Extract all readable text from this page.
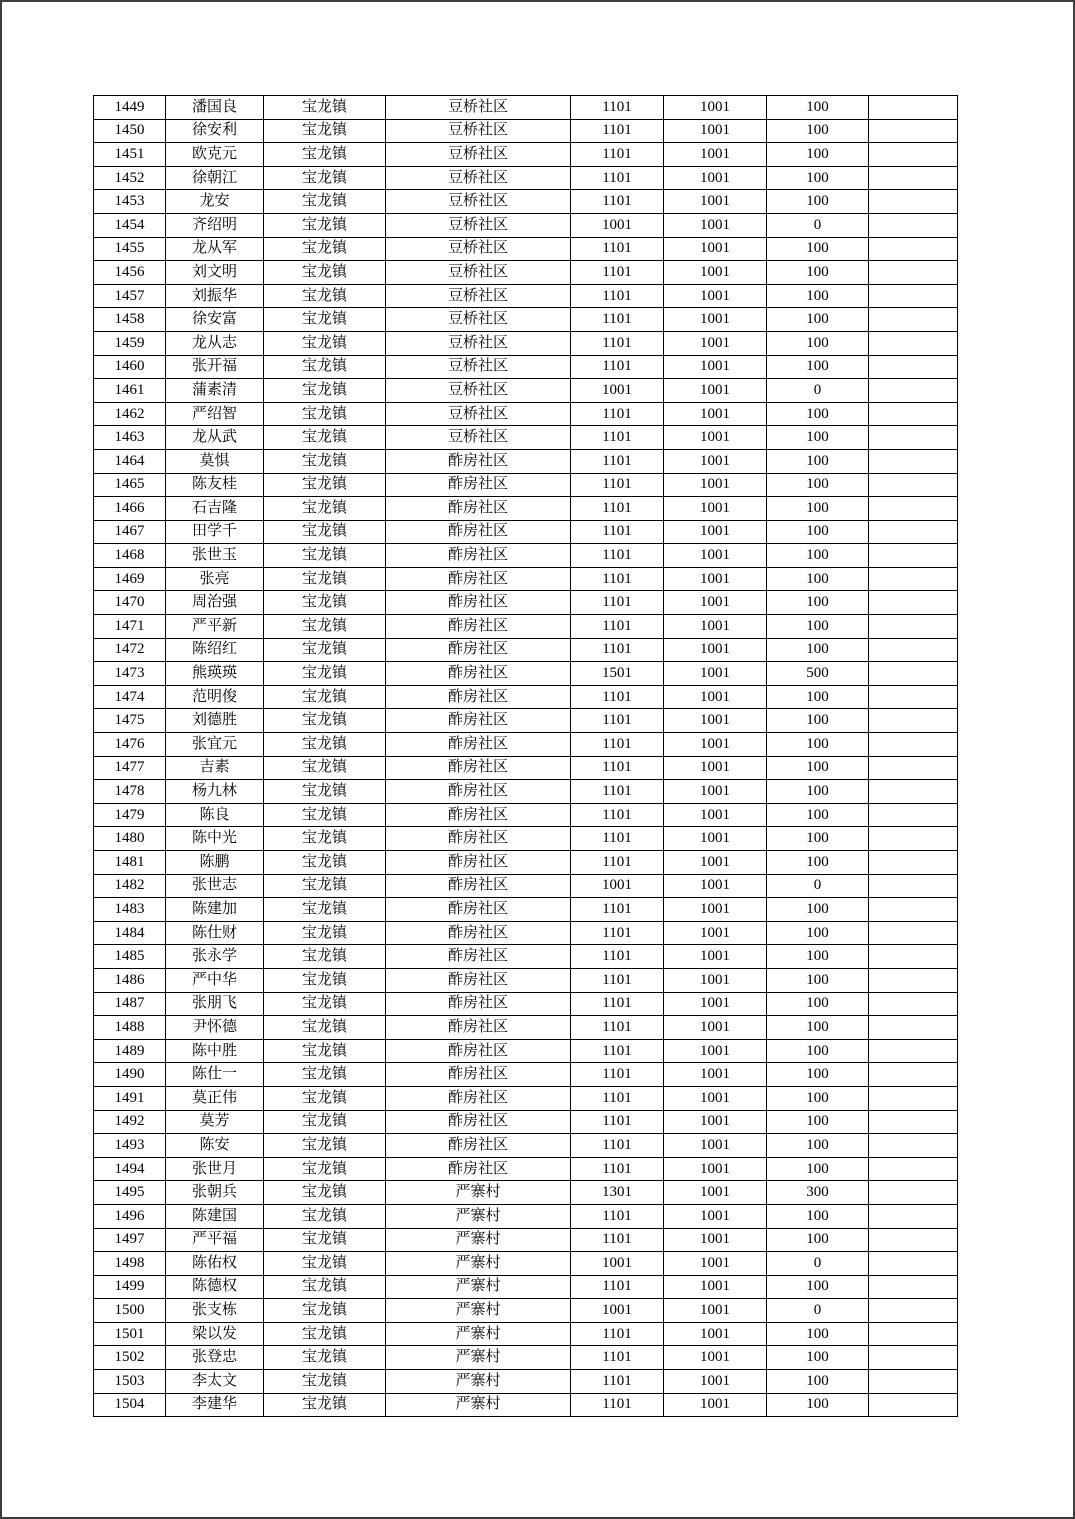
1449	潘国良	宝龙镇	豆桥社区	1101	1001	100	
1450	徐安利	宝龙镇	豆桥社区	1101	1001	100	
1451	欧克元	宝龙镇	豆桥社区	1101	1001	100	
1452	徐朝江	宝龙镇	豆桥社区	1101	1001	100	
1453	龙安	宝龙镇	豆桥社区	1101	1001	100	
1454	齐绍明	宝龙镇	豆桥社区	1001	1001	0	
1455	龙从军	宝龙镇	豆桥社区	1101	1001	100	
1456	刘文明	宝龙镇	豆桥社区	1101	1001	100	
1457	刘振华	宝龙镇	豆桥社区	1101	1001	100	
1458	徐安富	宝龙镇	豆桥社区	1101	1001	100	
1459	龙从志	宝龙镇	豆桥社区	1101	1001	100	
1460	张开福	宝龙镇	豆桥社区	1101	1001	100	
1461	蒲素清	宝龙镇	豆桥社区	1001	1001	0	
1462	严绍智	宝龙镇	豆桥社区	1101	1001	100	
1463	龙从武	宝龙镇	豆桥社区	1101	1001	100	
1464	莫惧	宝龙镇	酢房社区	1101	1001	100	
1465	陈友桂	宝龙镇	酢房社区	1101	1001	100	
1466	石吉隆	宝龙镇	酢房社区	1101	1001	100	
1467	田学千	宝龙镇	酢房社区	1101	1001	100	
1468	张世玉	宝龙镇	酢房社区	1101	1001	100	
1469	张亮	宝龙镇	酢房社区	1101	1001	100	
1470	周治强	宝龙镇	酢房社区	1101	1001	100	
1471	严平新	宝龙镇	酢房社区	1101	1001	100	
1472	陈绍红	宝龙镇	酢房社区	1101	1001	100	
1473	熊瑛瑛	宝龙镇	酢房社区	1501	1001	500	
1474	范明俊	宝龙镇	酢房社区	1101	1001	100	
1475	刘德胜	宝龙镇	酢房社区	1101	1001	100	
1476	张宜元	宝龙镇	酢房社区	1101	1001	100	
1477	吉素	宝龙镇	酢房社区	1101	1001	100	
1478	杨九林	宝龙镇	酢房社区	1101	1001	100	
1479	陈良	宝龙镇	酢房社区	1101	1001	100	
1480	陈中光	宝龙镇	酢房社区	1101	1001	100	
1481	陈鹏	宝龙镇	酢房社区	1101	1001	100	
1482	张世志	宝龙镇	酢房社区	1001	1001	0	
1483	陈建加	宝龙镇	酢房社区	1101	1001	100	
1484	陈仕财	宝龙镇	酢房社区	1101	1001	100	
1485	张永学	宝龙镇	酢房社区	1101	1001	100	
1486	严中华	宝龙镇	酢房社区	1101	1001	100	
1487	张朋飞	宝龙镇	酢房社区	1101	1001	100	
1488	尹怀德	宝龙镇	酢房社区	1101	1001	100	
1489	陈中胜	宝龙镇	酢房社区	1101	1001	100	
1490	陈仕一	宝龙镇	酢房社区	1101	1001	100	
1491	莫正伟	宝龙镇	酢房社区	1101	1001	100	
1492	莫芳	宝龙镇	酢房社区	1101	1001	100	
1493	陈安	宝龙镇	酢房社区	1101	1001	100	
1494	张世月	宝龙镇	酢房社区	1101	1001	100	
1495	张朝兵	宝龙镇	严寨村	1301	1001	300	
1496	陈建国	宝龙镇	严寨村	1101	1001	100	
1497	严平福	宝龙镇	严寨村	1101	1001	100	
1498	陈佑权	宝龙镇	严寨村	1001	1001	0	
1499	陈德权	宝龙镇	严寨村	1101	1001	100	
1500	张支栋	宝龙镇	严寨村	1001	1001	0	
1501	梁以发	宝龙镇	严寨村	1101	1001	100	
1502	张登忠	宝龙镇	严寨村	1101	1001	100	
1503	李太文	宝龙镇	严寨村	1101	1001	100	
1504	李建华	宝龙镇	严寨村	1101	1001	100	
